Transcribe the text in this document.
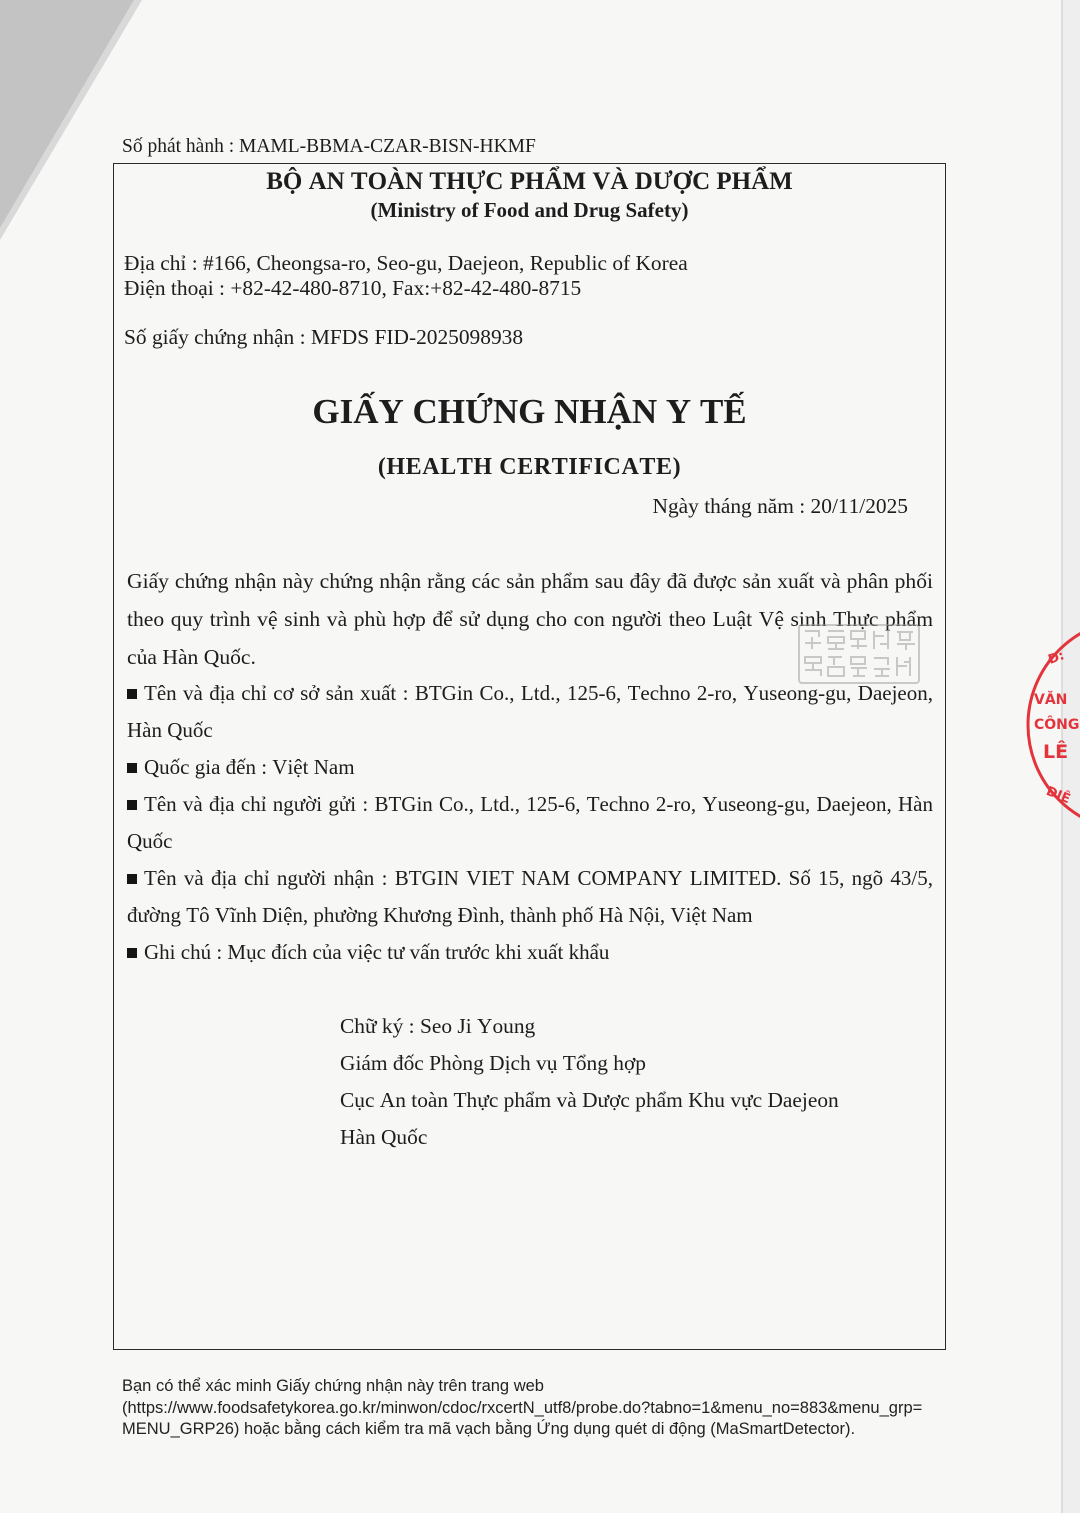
Số phát hành : MAML-BBMA-CZAR-BISN-HKMF
BỘ AN TOÀN THỰC PHẨM VÀ DƯỢC PHẨM
(Ministry of Food and Drug Safety)
Địa chỉ : #166, Cheongsa-ro, Seo-gu, Daejeon, Republic of Korea
Điện thoại : +82-42-480-8710, Fax:+82-42-480-8715
Số giấy chứng nhận : MFDS FID-2025098938
GIẤY CHỨNG NHẬN Y TẾ
(HEALTH CERTIFICATE)
Ngày tháng năm : 20/11/2025

Giấy chứng nhận này chứng nhận rằng các sản phẩm sau đây đã được sản xuất và phân phối theo quy trình vệ sinh và phù hợp để sử dụng cho con người theo Luật Vệ sinh Thực phẩm của Hàn Quốc.

Tên và địa chỉ cơ sở sản xuất : BTGin Co., Ltd., 125-6, Techno 2-ro, Yuseong-gu, Daejeon, Hàn Quốc

Quốc gia đến : Việt Nam

Tên và địa chỉ người gửi : BTGin Co., Ltd., 125-6, Techno 2-ro, Yuseong-gu, Daejeon, Hàn Quốc

Tên và địa chỉ người nhận : BTGIN VIET NAM COMPANY LIMITED. Số 15, ngõ 43/5, đường Tô Vĩnh Diện, phường Khương Đình, thành phố Hà Nội, Việt Nam

Ghi chú : Mục đích của việc tư vấn trước khi xuất khẩu

Chữ ký : Seo Ji Young
Giám đốc Phòng Dịch vụ Tổng hợp
Cục An toàn Thực phẩm và Dược phẩm Khu vực Daejeon
Hàn Quốc
Bạn có thể xác minh Giấy chứng nhận này trên trang web
(https://www.foodsafetykorea.go.kr/minwon/cdoc/rxcertN_utf8/probe.do?tabno=1&menu_no=883&menu_grp=
MENU_GRP26) hoặc bằng cách kiểm tra mã vạch bằng Ứng dụng quét di động (MaSmartDetector).
Đ:
VĂN
CÔNG
LÊ
DIỆ
